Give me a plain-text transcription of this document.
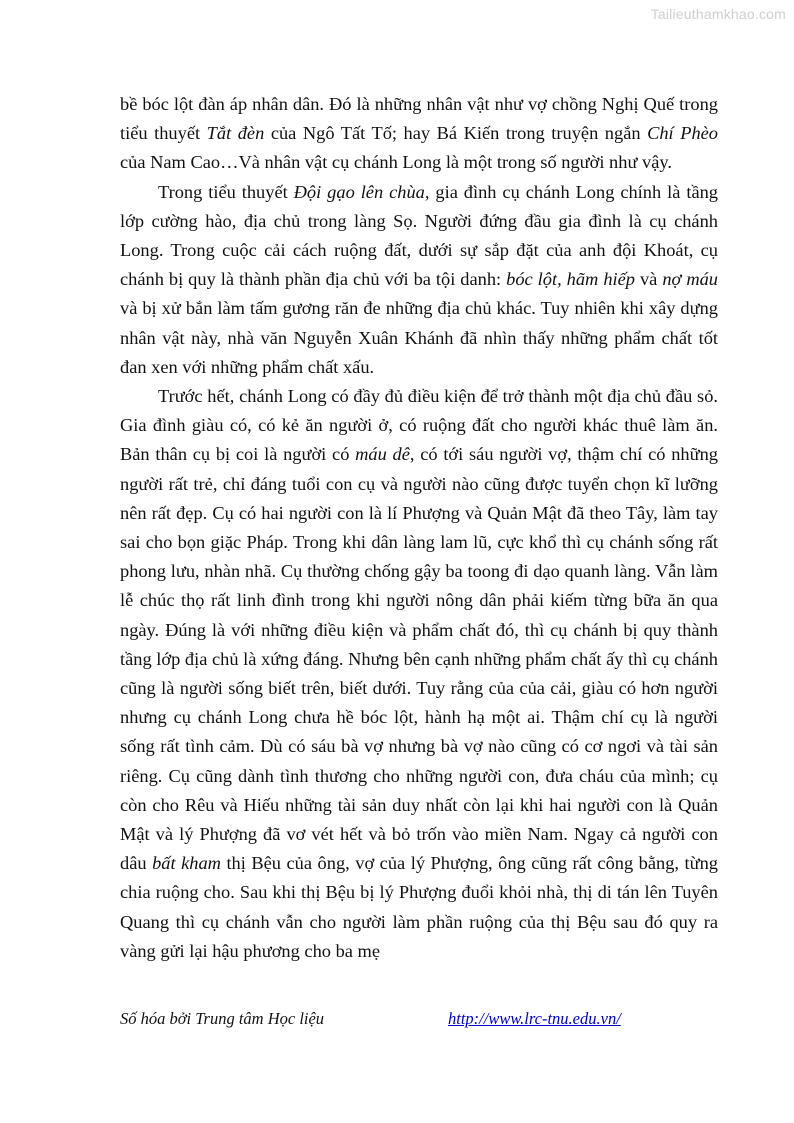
Tailieuthamkhao.com

bề bóc lột đàn áp nhân dân. Đó là những nhân vật như vợ chồng Nghị Quế trong tiểu thuyết Tắt đèn của Ngô Tất Tố; hay Bá Kiến trong truyện ngắn Chí Phèo của Nam Cao…Và nhân vật cụ chánh Long là một trong số người như vậy.

Trong tiểu thuyết Đội gạo lên chùa, gia đình cụ chánh Long chính là tầng lớp cường hào, địa chủ trong làng Sọ. Người đứng đầu gia đình là cụ chánh Long. Trong cuộc cải cách ruộng đất, dưới sự sắp đặt của anh đội Khoát, cụ chánh bị quy là thành phần địa chủ với ba tội danh: bóc lột, hãm hiếp và nợ máu và bị xử bắn làm tấm gương răn đe những địa chủ khác. Tuy nhiên khi xây dựng nhân vật này, nhà văn Nguyễn Xuân Khánh đã nhìn thấy những phẩm chất tốt đan xen với những phẩm chất xấu.

Trước hết, chánh Long có đầy đủ điều kiện để trở thành một địa chủ đầu sỏ. Gia đình giàu có, có kẻ ăn người ở, có ruộng đất cho người khác thuê làm ăn. Bản thân cụ bị coi là người có máu dê, có tới sáu người vợ, thậm chí có những người rất trẻ, chỉ đáng tuổi con cụ và người nào cũng được tuyển chọn kĩ lưỡng nên rất đẹp. Cụ có hai người con là lí Phượng và Quản Mật đã theo Tây, làm tay sai cho bọn giặc Pháp. Trong khi dân làng lam lũ, cực khổ thì cụ chánh sống rất phong lưu, nhàn nhã. Cụ thường chống gậy ba toong đi dạo quanh làng. Vẫn làm lễ chúc thọ rất linh đình trong khi người nông dân phải kiếm từng bữa ăn qua ngày. Đúng là với những điều kiện và phẩm chất đó, thì cụ chánh bị quy thành tầng lớp địa chủ là xứng đáng. Nhưng bên cạnh những phẩm chất ấy thì cụ chánh cũng là người sống biết trên, biết dưới. Tuy rằng của của cải, giàu có hơn người nhưng cụ chánh Long chưa hề bóc lột, hành hạ một ai. Thậm chí cụ là người sống rất tình cảm. Dù có sáu bà vợ nhưng bà vợ nào cũng có cơ ngơi và tài sản riêng. Cụ cũng dành tình thương cho những người con, đưa cháu của mình; cụ còn cho Rêu và Hiếu những tài sản duy nhất còn lại khi hai người con là Quản Mật và lý Phượng đã vơ vét hết và bỏ trốn vào miền Nam. Ngay cả người con dâu bất kham thị Bệu của ông, vợ của lý Phượng, ông cũng rất công bằng, từng chia ruộng cho. Sau khi thị Bệu bị lý Phượng đuổi khỏi nhà, thị di tán lên Tuyên Quang thì cụ chánh vẫn cho người làm phần ruộng của thị Bệu sau đó quy ra vàng gửi lại hậu phương cho ba mẹ

Số hóa bởi Trung tâm Học liệu	http://www.lrc-tnu.edu.vn/
